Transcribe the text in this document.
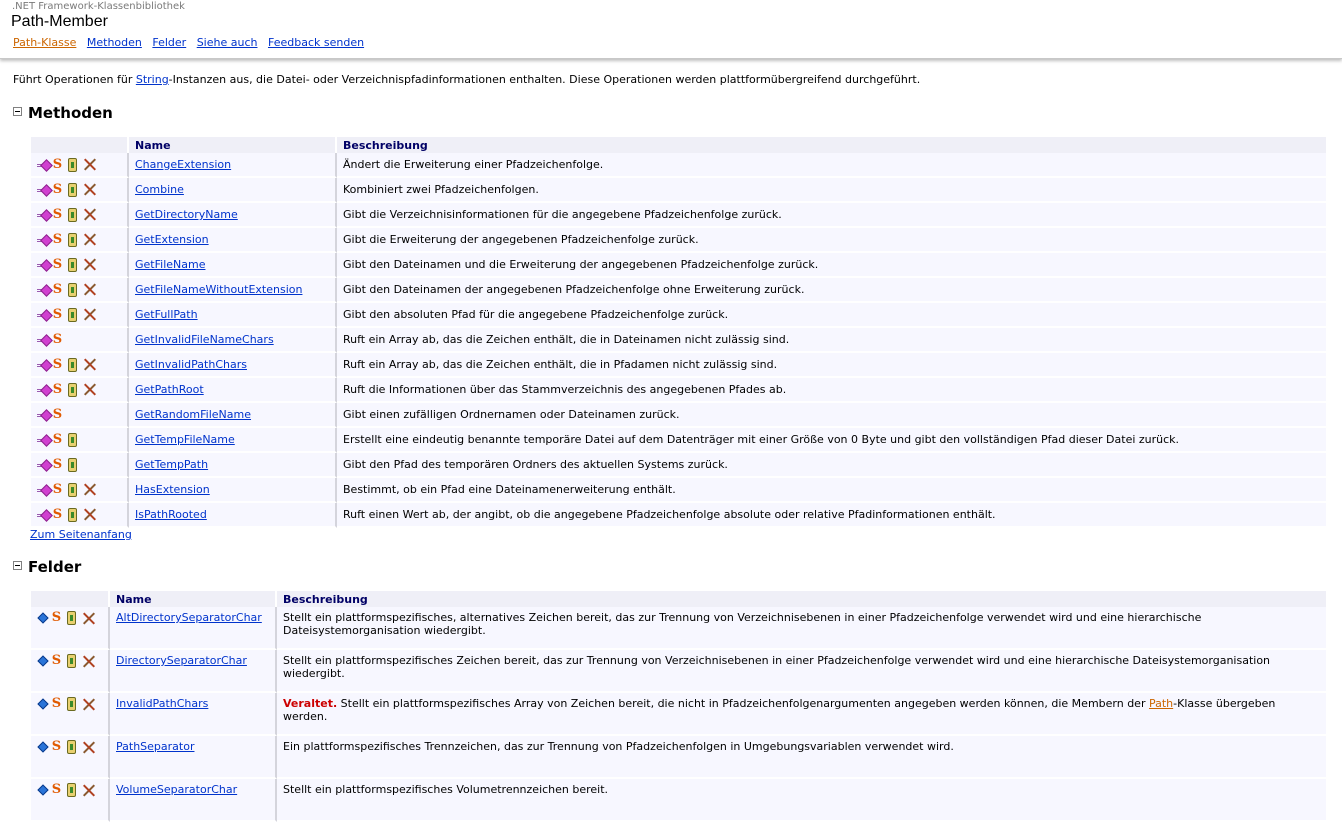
.NET Framework-Klassenbibliothek
Path-Member
Path-Klasse Methoden Felder Siehe auch Feedback senden
Führt Operationen für String-Instanzen aus, die Datei- oder Verzeichnispfadinformationen enthalten. Diese Operationen werden plattformübergreifend durchgeführt.
Methoden
	Name	Beschreibung
S	ChangeExtension	Ändert die Erweiterung einer Pfadzeichenfolge.
S	Combine	Kombiniert zwei Pfadzeichenfolgen.
S	GetDirectoryName	Gibt die Verzeichnisinformationen für die angegebene Pfadzeichenfolge zurück.
S	GetExtension	Gibt die Erweiterung der angegebenen Pfadzeichenfolge zurück.
S	GetFileName	Gibt den Dateinamen und die Erweiterung der angegebenen Pfadzeichenfolge zurück.
S	GetFileNameWithoutExtension	Gibt den Dateinamen der angegebenen Pfadzeichenfolge ohne Erweiterung zurück.
S	GetFullPath	Gibt den absoluten Pfad für die angegebene Pfadzeichenfolge zurück.
S	GetInvalidFileNameChars	Ruft ein Array ab, das die Zeichen enthält, die in Dateinamen nicht zulässig sind.
S	GetInvalidPathChars	Ruft ein Array ab, das die Zeichen enthält, die in Pfadamen nicht zulässig sind.
S	GetPathRoot	Ruft die Informationen über das Stammverzeichnis des angegebenen Pfades ab.
S	GetRandomFileName	Gibt einen zufälligen Ordnernamen oder Dateinamen zurück.
S	GetTempFileName	Erstellt eine eindeutig benannte temporäre Datei auf dem Datenträger mit einer Größe von 0 Byte und gibt den vollständigen Pfad dieser Datei zurück.
S	GetTempPath	Gibt den Pfad des temporären Ordners des aktuellen Systems zurück.
S	HasExtension	Bestimmt, ob ein Pfad eine Dateinamenerweiterung enthält.
S	IsPathRooted	Ruft einen Wert ab, der angibt, ob die angegebene Pfadzeichenfolge absolute oder relative Pfadinformationen enthält.
Zum Seitenanfang
Felder
	Name	Beschreibung
S	AltDirectorySeparatorChar	Stellt ein plattformspezifisches, alternatives Zeichen bereit, das zur Trennung von Verzeichnisebenen in einer Pfadzeichenfolge verwendet wird und eine hierarchische Dateisystemorganisation wiedergibt.
S	DirectorySeparatorChar	Stellt ein plattformspezifisches Zeichen bereit, das zur Trennung von Verzeichnisebenen in einer Pfadzeichenfolge verwendet wird und eine hierarchische Dateisystemorganisation wiedergibt.
S	InvalidPathChars	Veraltet. Stellt ein plattformspezifisches Array von Zeichen bereit, die nicht in Pfadzeichenfolgenargumenten angegeben werden können, die Membern der Path-Klasse übergeben werden.
S	PathSeparator	Ein plattformspezifisches Trennzeichen, das zur Trennung von Pfadzeichenfolgen in Umgebungsvariablen verwendet wird.
S	VolumeSeparatorChar	Stellt ein plattformspezifisches Volumetrennzeichen bereit.
